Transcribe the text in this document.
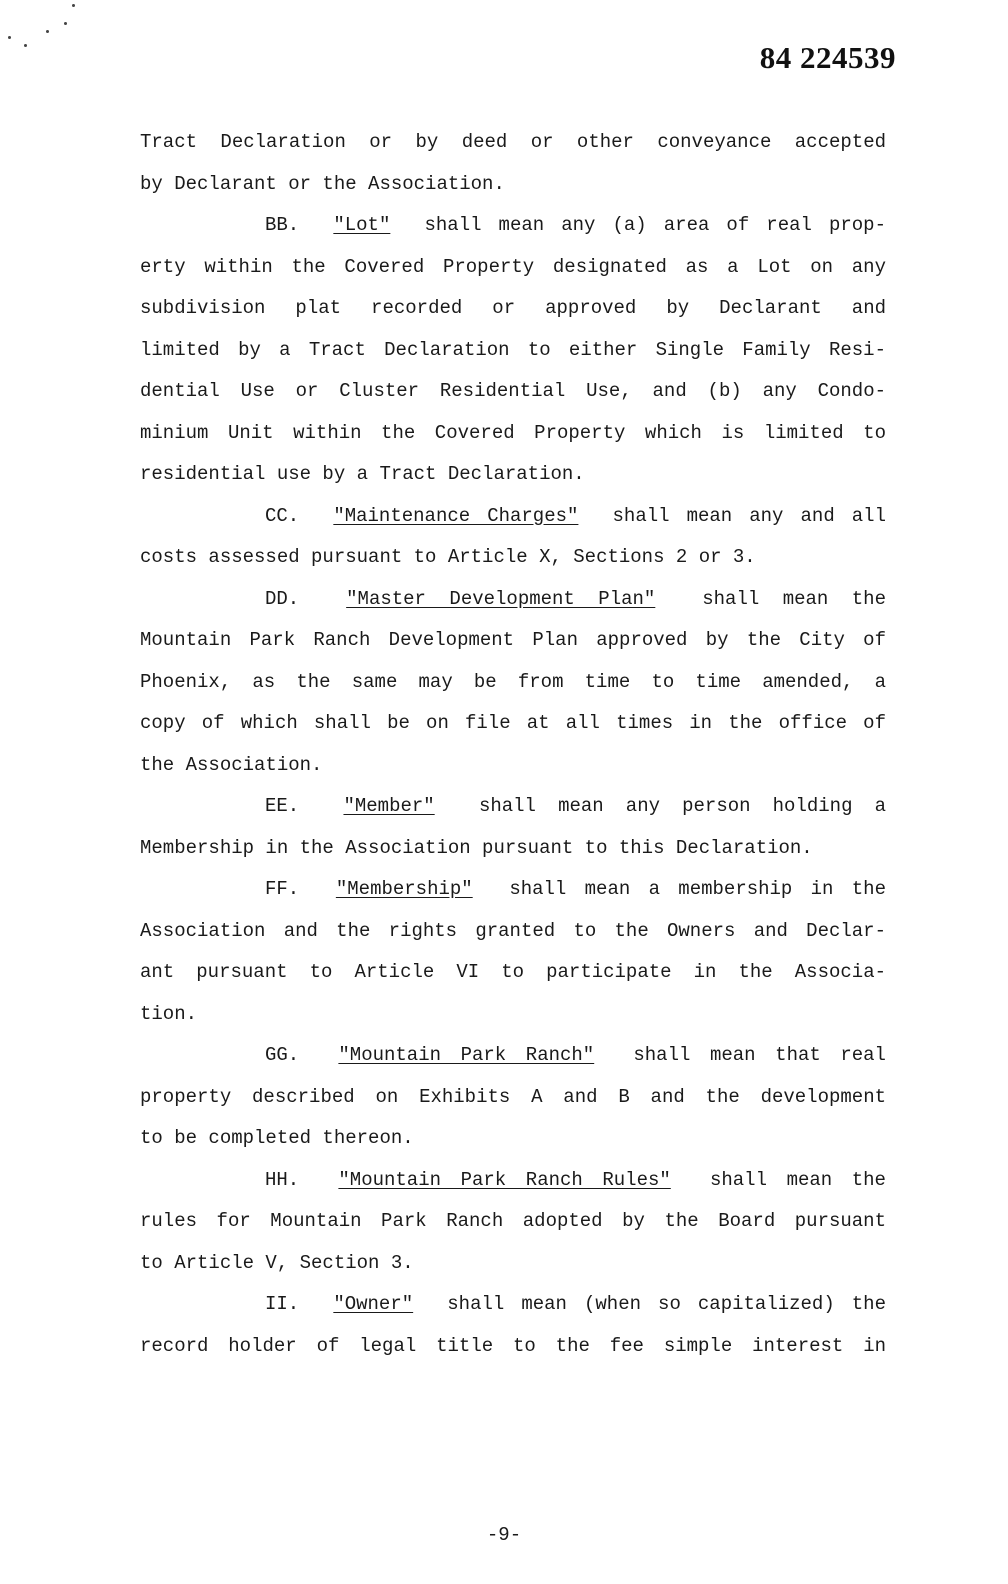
84 224539
Tract Declaration or by deed or other conveyance accepted
by Declarant or the Association.
BB. "Lot" shall mean any (a) area of real prop-
erty within the Covered Property designated as a Lot on any
subdivision plat recorded or approved by Declarant and
limited by a Tract Declaration to either Single Family Resi-
dential Use or Cluster Residential Use, and (b) any Condo-
minium Unit within the Covered Property which is limited to
residential use by a Tract Declaration.
CC. "Maintenance Charges" shall mean any and all
costs assessed pursuant to Article X, Sections 2 or 3.
DD. "Master Development Plan" shall mean the
Mountain Park Ranch Development Plan approved by the City of
Phoenix, as the same may be from time to time amended, a
copy of which shall be on file at all times in the office of
the Association.
EE. "Member" shall mean any person holding a
Membership in the Association pursuant to this Declaration.
FF. "Membership" shall mean a membership in the
Association and the rights granted to the Owners and Declar-
ant pursuant to Article VI to participate in the Associa-
tion.
GG. "Mountain Park Ranch" shall mean that real
property described on Exhibits A and B and the development
to be completed thereon.
HH. "Mountain Park Ranch Rules" shall mean the
rules for Mountain Park Ranch adopted by the Board pursuant
to Article V, Section 3.
II. "Owner" shall mean (when so capitalized) the
record holder of legal title to the fee simple interest in
-9-
